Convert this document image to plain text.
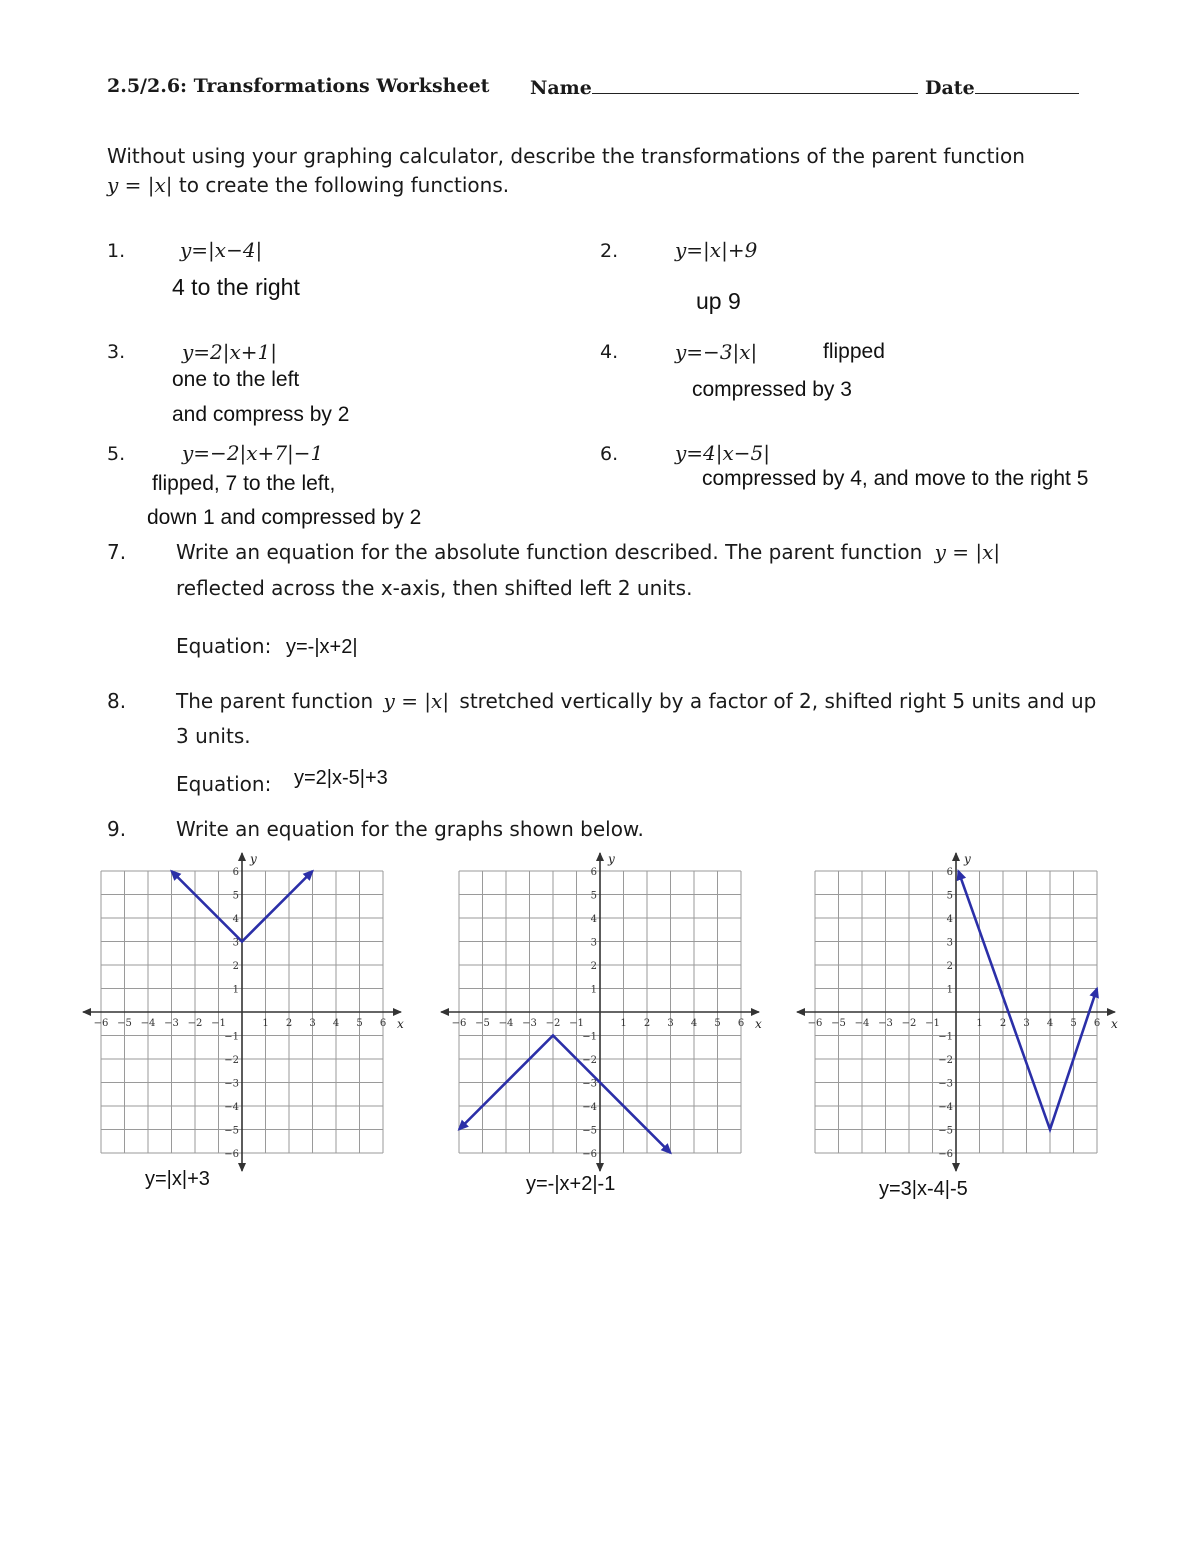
2.5/2.6: Transformations Worksheet Name	Date
Without using your graphing calculator, describe the transformations of the parent function
y = |x| to create the following functions.
1.	y=|x−4|
4 to the right
2.	y=|x|+9
up 9
3.	y=2|x+1|
one to the left
and compress by 2
4.	y=−3|x|	flipped
compressed by 3
5.	y=−2|x+7|−1
flipped, 7 to the left,
down 1 and compressed by 2
6.	y=4|x−5|
compressed by 4, and move to the right 5
7. Write an equation for the absolute function described. The parent function y = |x|
reflected across the x-axis, then shifted left 2 units.
Equation: y=-|x+2|
8. The parent function y = |x| stretched vertically by a factor of 2, shifted right 5 units and up
3 units.
Equation: y=2|x-5|+3
9. Write an equation for the graphs shown below.
x
y
−6 −5 −4 −3 −2 −1	1 2 3 4 5 6
−6
−5
−4
−3
−2
−1
1
2
3
4
5
6
x
y
−6 −5 −4 −3 −2 −1	1 2 3 4 5 6
−6
−5
−4
−3
−2
−1
1
2
3
4
5
6
x
y
−6 −5 −4 −3 −2 −1	1 2 3 4 5 6
−6
−5
−4
−3
−2
−1
1
2
3
4
5
6
y=|x|+3	y=-|x+2|-1	y=3|x-4|-5
